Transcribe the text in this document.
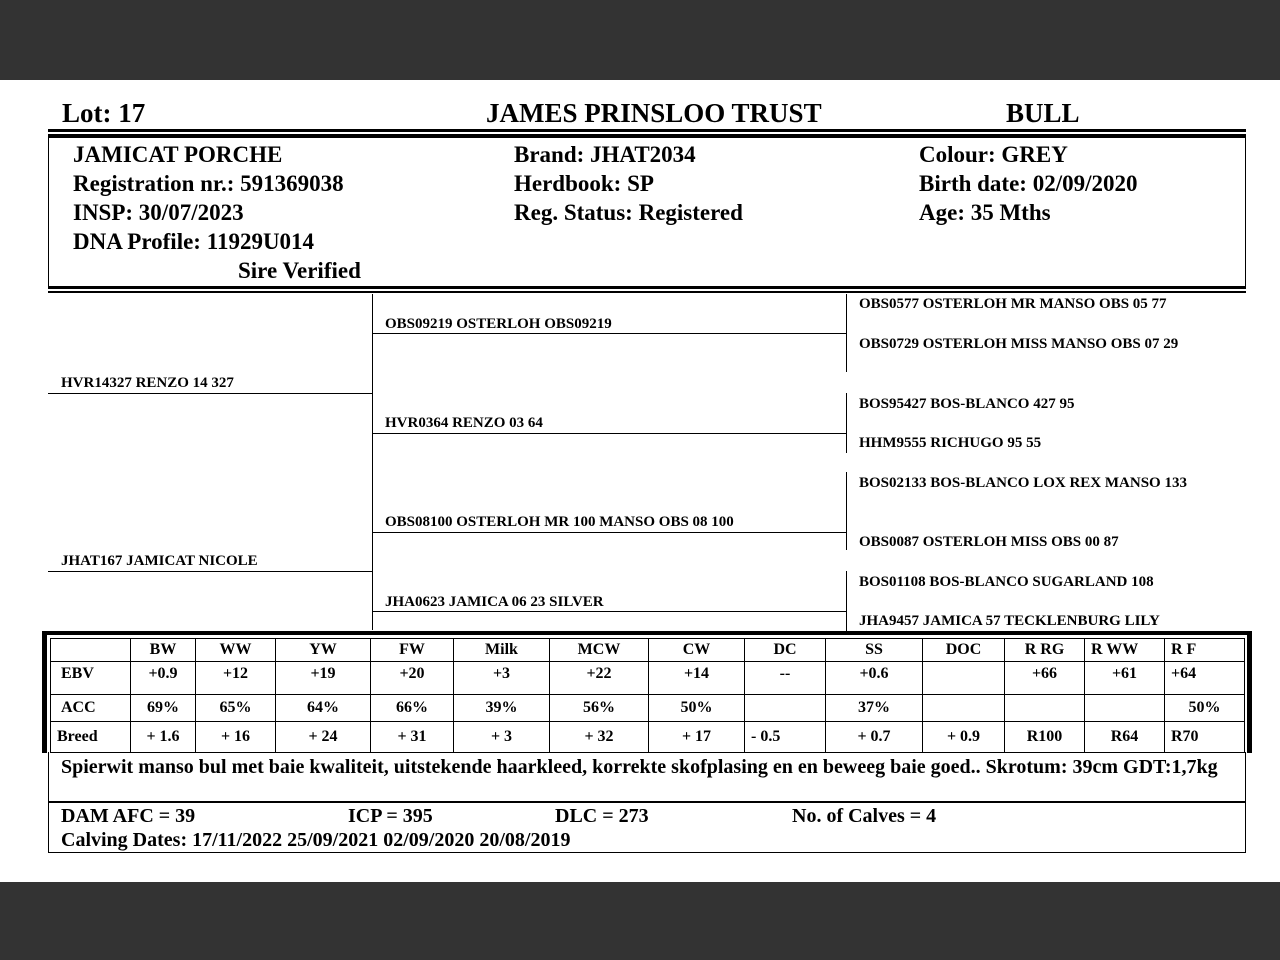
Lot: 17	JAMES PRINSLOO TRUST	BULL
JAMICAT PORCHE
Registration nr.: 591369038
INSP: 30/07/2023
DNA Profile: 11929U014
Sire Verified
Brand: JHAT2034
Herdbook: SP
Reg. Status: Registered
Colour: GREY
Birth date: 02/09/2020
Age: 35 Mths
HVR14327 RENZO 14 327
JHAT167 JAMICAT NICOLE
OBS09219 OSTERLOH OBS09219
HVR0364 RENZO 03 64
OBS08100 OSTERLOH MR 100 MANSO OBS 08 100
JHA0623 JAMICA 06 23 SILVER
OBS0577 OSTERLOH MR MANSO OBS 05 77
OBS0729 OSTERLOH MISS MANSO OBS 07 29
BOS95427 BOS-BLANCO 427 95
HHM9555 RICHUGO 95 55
BOS02133 BOS-BLANCO LOX REX MANSO 133
OBS0087 OSTERLOH MISS OBS 00 87
BOS01108 BOS-BLANCO SUGARLAND 108
JHA9457 JAMICA 57 TECKLENBURG LILY
	BW	WW	YW	FW	Milk	MCW	CW	DC	SS	DOC	R RG	R WW	R F
EBV	+0.9	+12	+19	+20	+3	+22	+14	--	+0.6		+66	+61	+64
ACC	69%	65%	64%	66%	39%	56%	50%		37%				50%
Breed	+ 1.6	+ 16	+ 24	+ 31	+ 3	+ 32	+ 17	- 0.5	+ 0.7	+ 0.9	R100	R64	R70
Spierwit manso bul met baie kwaliteit, uitstekende haarkleed, korrekte skofplasing en en beweeg baie goed.. Skrotum: 39cm GDT:1,7kg
DAM AFC = 39	ICP = 395	DLC = 273	No. of Calves = 4
Calving Dates: 17/11/2022 25/09/2021 02/09/2020 20/08/2019
